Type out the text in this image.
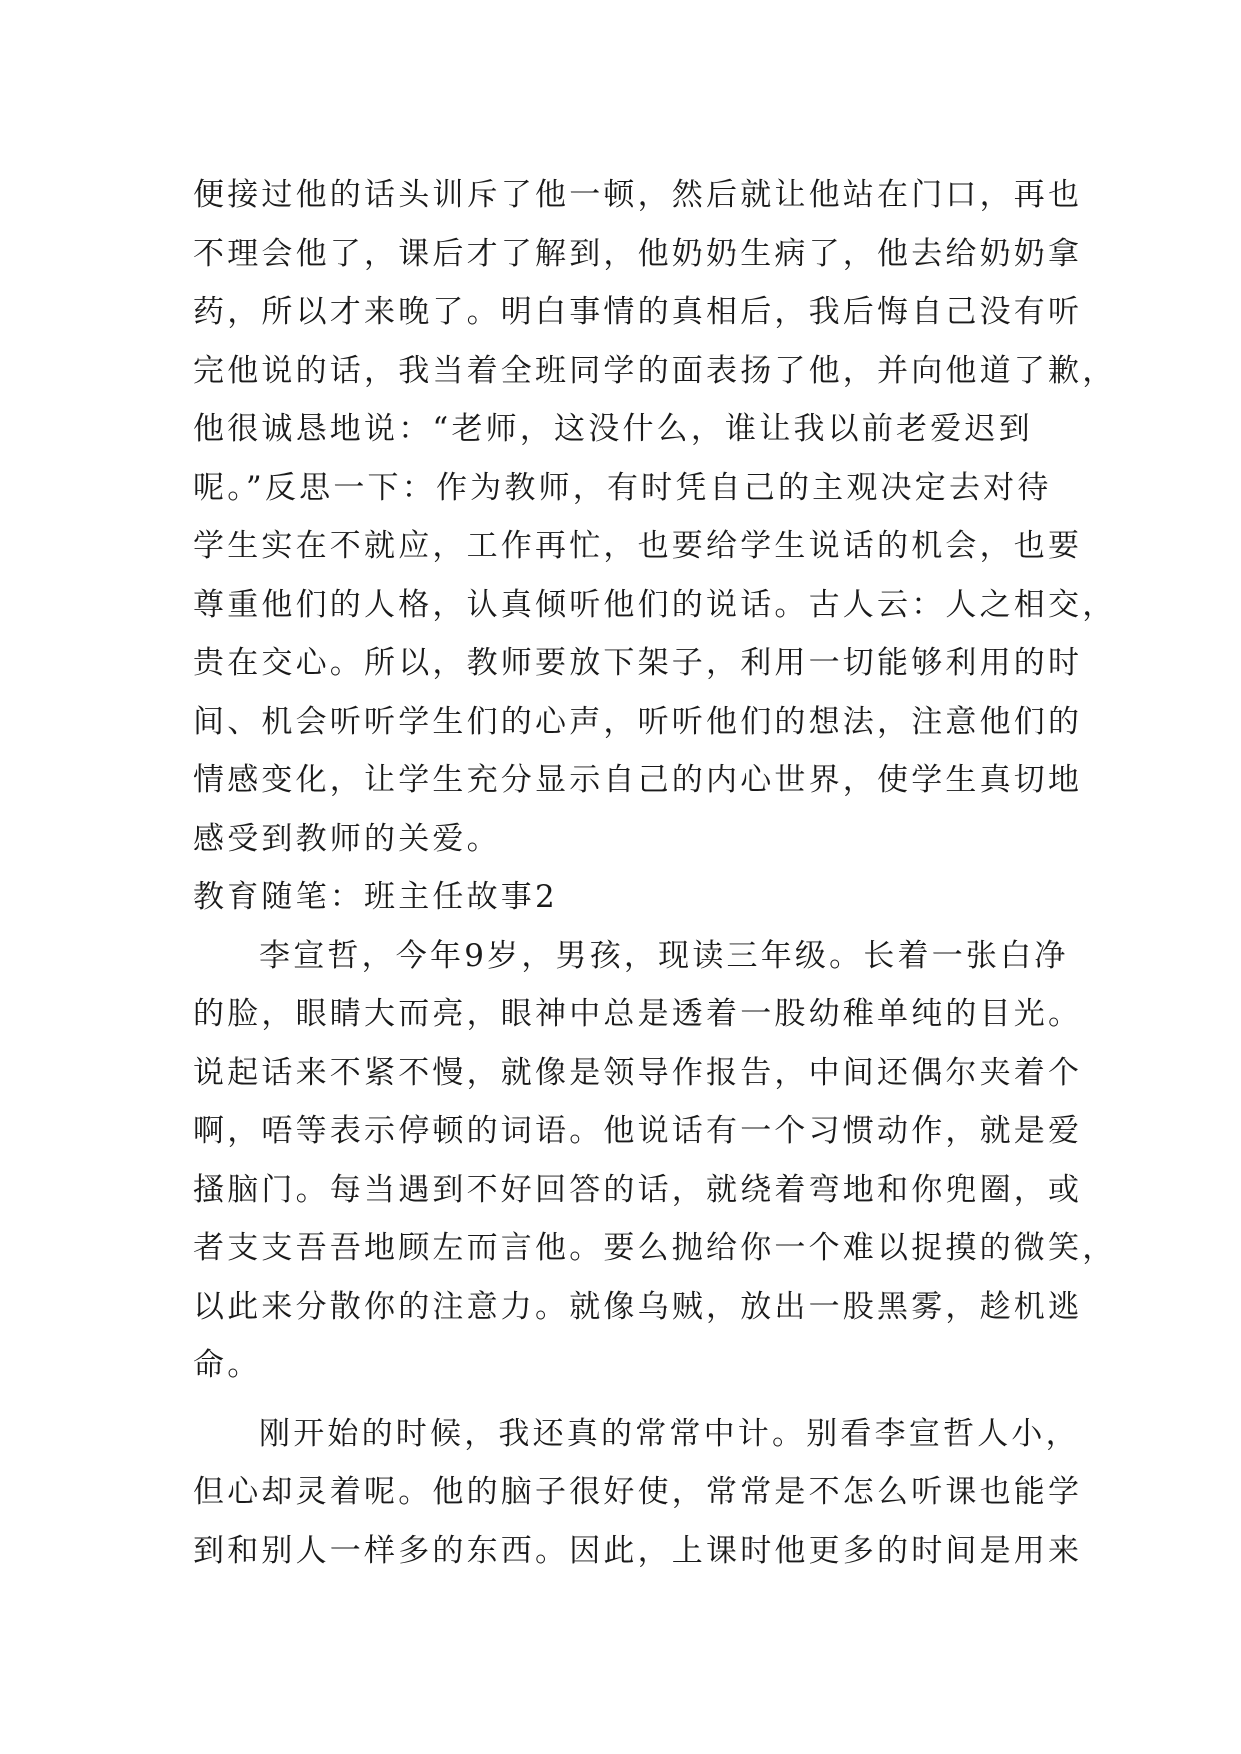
便接过他的话头训斥了他一顿，然后就让他站在门口，再也
不理会他了，课后才了解到，他奶奶生病了，他去给奶奶拿
药，所以才来晚了。明白事情的真相后，我后悔自己没有听
完他说的话，我当着全班同学的面表扬了他，并向他道了歉，
他很诚恳地说：“老师，这没什么，谁让我以前老爱迟到
呢。”反思一下：作为教师，有时凭自己的主观决定去对待
学生实在不就应，工作再忙，也要给学生说话的机会，也要
尊重他们的人格，认真倾听他们的说话。古人云：人之相交，
贵在交心。所以，教师要放下架子，利用一切能够利用的时
间、机会听听学生们的心声，听听他们的想法，注意他们的
情感变化，让学生充分显示自己的内心世界，使学生真切地
感受到教师的关爱。
教育随笔：班主任故事2
李宣哲，今年9岁，男孩，现读三年级。长着一张白净
的脸，眼睛大而亮，眼神中总是透着一股幼稚单纯的目光。
说起话来不紧不慢，就像是领导作报告，中间还偶尔夹着个
啊，唔等表示停顿的词语。他说话有一个习惯动作，就是爱
搔脑门。每当遇到不好回答的话，就绕着弯地和你兜圈，或
者支支吾吾地顾左而言他。要么抛给你一个难以捉摸的微笑，
以此来分散你的注意力。就像乌贼，放出一股黑雾，趁机逃
命。
刚开始的时候，我还真的常常中计。别看李宣哲人小，
但心却灵着呢。他的脑子很好使，常常是不怎么听课也能学
到和别人一样多的东西。因此，上课时他更多的时间是用来
